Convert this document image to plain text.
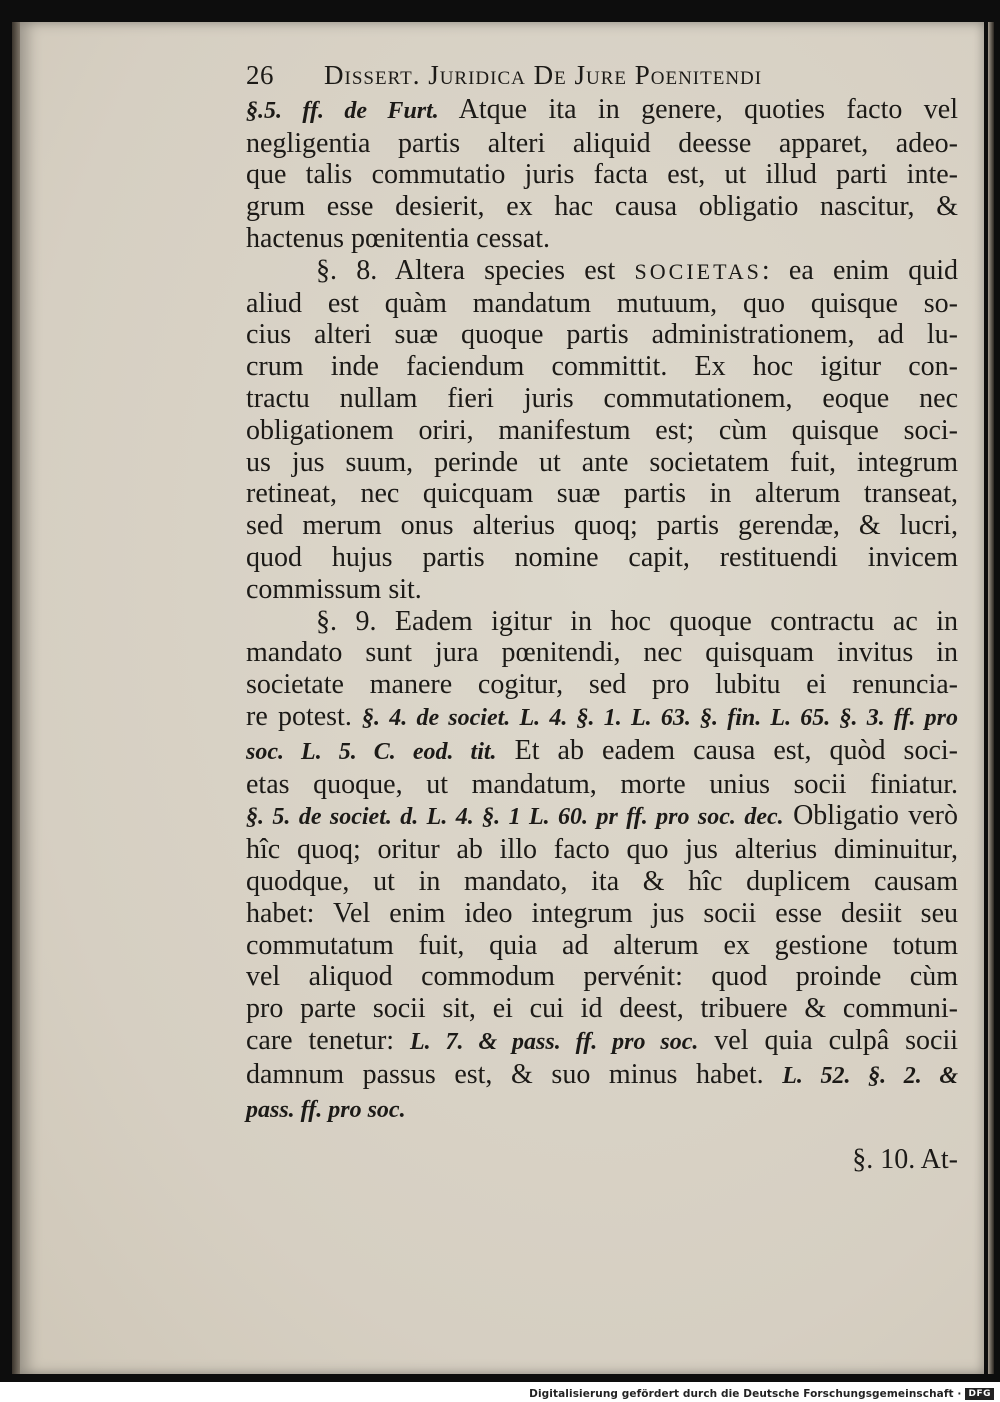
26	Dissert. Juridica De Jure Poenitendi
§.5. ff. de Furt. Atque ita in genere, quoties facto vel
negligentia partis alteri aliquid deesse apparet, adeo-
que talis commutatio juris facta est, ut illud parti inte-
grum esse desierit, ex hac causa obligatio nascitur, &
hactenus pœnitentia cessat.
§. 8. Altera species est SOCIETAS: ea enim quid
aliud est quàm mandatum mutuum, quo quisque so-
cius alteri suæ quoque partis administrationem, ad lu-
crum inde faciendum committit. Ex hoc igitur con-
tractu nullam fieri juris commutationem, eoque nec
obligationem oriri, manifestum est; cùm quisque soci-
us jus suum, perinde ut ante societatem fuit, integrum
retineat, nec quicquam suæ partis in alterum transeat,
sed merum onus alterius quoq; partis gerendæ, & lucri,
quod hujus partis nomine capit, restituendi invicem
commissum sit.
§. 9. Eadem igitur in hoc quoque contractu ac in
mandato sunt jura pœnitendi, nec quisquam invitus in
societate manere cogitur, sed pro lubitu ei renuncia-
re potest. §. 4. de societ. L. 4. §. 1. L. 63. §. fin. L. 65. §. 3. ff. pro
soc. L. 5. C. eod. tit. Et ab eadem causa est, quòd soci-
etas quoque, ut mandatum, morte unius socii finiatur.
§. 5. de societ. d. L. 4. §. 1 L. 60. pr ff. pro soc. dec. Obligatio verò
hîc quoq; oritur ab illo facto quo jus alterius diminuitur,
quodque, ut in mandato, ita & hîc duplicem causam
habet: Vel enim ideo integrum jus socii esse desiit seu
commutatum fuit, quia ad alterum ex gestione totum
vel aliquod commodum pervénit: quod proinde cùm
pro parte socii sit, ei cui id deest, tribuere & communi-
care tenetur: L. 7. & pass. ff. pro soc. vel quia culpâ socii
damnum passus est, & suo minus habet. L. 52. §. 2. &
pass. ff. pro soc.
§. 10. At-
Digitalisierung gefördert durch die Deutsche Forschungsgemeinschaft · DFG
